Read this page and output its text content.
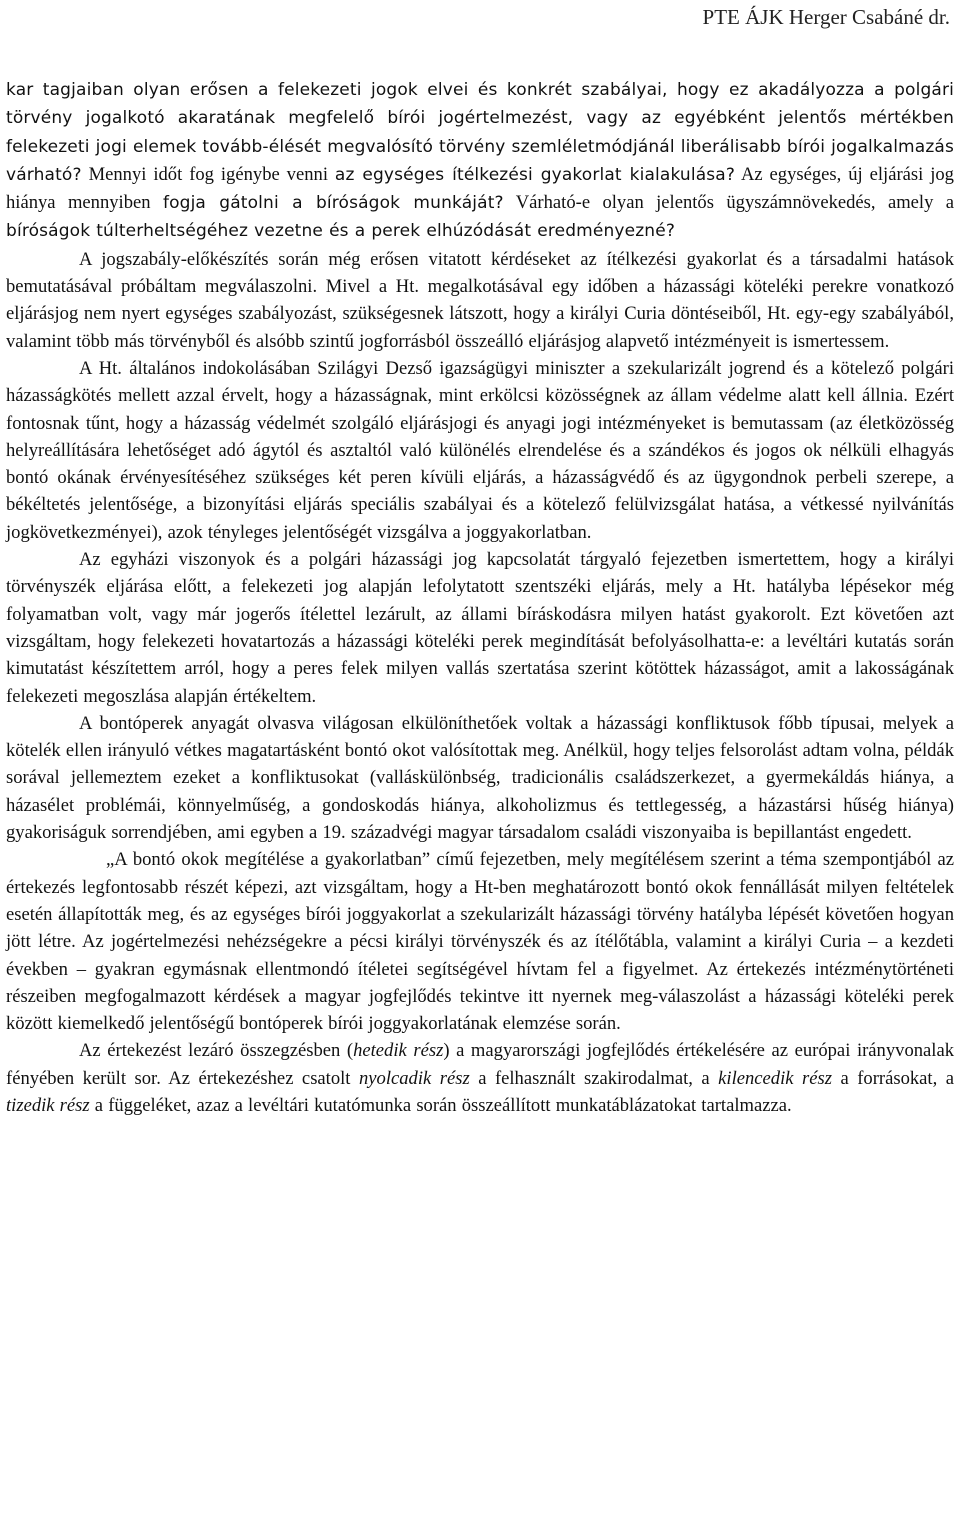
PTE ÁJK Herger Csabáné dr.

kar tagjaiban olyan erősen a felekezeti jogok elvei és konkrét szabályai, hogy ez akadályozza a polgári törvény jogalkotó akaratának megfelelő bírói jogértelmezést, vagy az egyébként jelentős mértékben felekezeti jogi elemek tovább-élését megvalósító törvény szemléletmódjánál liberálisabb bírói jogalkalmazás várható? Mennyi időt fog igénybe venni az egységes ítélkezési gyakorlat kialakulása? Az egységes, új eljárási jog hiánya mennyiben fogja gátolni a bíróságok munkáját? Várható-e olyan jelentős ügyszámnövekedés, amely a bíróságok túlterheltségéhez vezetne és a perek elhúzódását eredményezné?

A jogszabály-előkészítés során még erősen vitatott kérdéseket az ítélkezési gyakorlat és a társadalmi hatások bemutatásával próbáltam megválaszolni. Mivel a Ht. megalkotásával egy időben a házassági köteléki perekre vonatkozó eljárásjog nem nyert egységes szabályozást, szükségesnek látszott, hogy a királyi Curia döntéseiből, Ht. egy-egy szabályából, valamint több más törvényből és alsóbb szintű jogforrásból összeálló eljárásjog alapvető intézményeit is ismertessem.

A Ht. általános indokolásában Szilágyi Dezső igazságügyi miniszter a szekularizált jogrend és a kötelező polgári házasságkötés mellett azzal érvelt, hogy a házasságnak, mint erkölcsi közösségnek az állam védelme alatt kell állnia. Ezért fontosnak tűnt, hogy a házasság védelmét szolgáló eljárásjogi és anyagi jogi intézményeket is bemutassam (az életközösség helyreállítására lehetőséget adó ágytól és asztaltól való különélés elrendelése és a szándékos és jogos ok nélküli elhagyás bontó okának érvényesítéséhez szükséges két peren kívüli eljárás, a házasságvédő és az ügygondnok perbeli szerepe, a békéltetés jelentősége, a bizonyítási eljárás speciális szabályai és a kötelező felülvizsgálat hatása, a vétkessé nyilvánítás jogkövetkezményei), azok tényleges jelentőségét vizsgálva a joggyakorlatban.

Az egyházi viszonyok és a polgári házassági jog kapcsolatát tárgyaló fejezetben ismertettem, hogy a királyi törvényszék eljárása előtt, a felekezeti jog alapján lefolytatott szentszéki eljárás, mely a Ht. hatályba lépésekor még folyamatban volt, vagy már jogerős ítélettel lezárult, az állami bíráskodásra milyen hatást gyakorolt. Ezt követően azt vizsgáltam, hogy felekezeti hovatartozás a házassági köteléki perek megindítását befolyásolhatta-e: a levéltári kutatás során kimutatást készítettem arról, hogy a peres felek milyen vallás szertatása szerint kötöttek házasságot, amit a lakosságának felekezeti megoszlása alapján értékeltem.

A bontóperek anyagát olvasva világosan elkülöníthetőek voltak a házassági konfliktusok főbb típusai, melyek a kötelék ellen irányuló vétkes magatartásként bontó okot valósítottak meg. Anélkül, hogy teljes felsorolást adtam volna, példák sorával jellemeztem ezeket a konfliktusokat (valláskülönbség, tradicionális családszerkezet, a gyermekáldás hiánya, a házasélet problémái, könnyelműség, a gondoskodás hiánya, alkoholizmus és tettlegesség, a házastársi hűség hiánya) gyakoriságuk sorrendjében, ami egyben a 19. századvégi magyar társadalom családi viszonyaiba is bepillantást engedett.

„A bontó okok megítélése a gyakorlatban” című fejezetben, mely megítélésem szerint a téma szempontjából az értekezés legfontosabb részét képezi, azt vizsgáltam, hogy a Ht-ben meghatározott bontó okok fennállását milyen feltételek esetén állapították meg, és az egységes bírói joggyakorlat a szekularizált házassági törvény hatályba lépését követően hogyan jött létre. Az jogértelmezési nehézségekre a pécsi királyi törvényszék és az ítélőtábla, valamint a királyi Curia – a kezdeti években – gyakran egymásnak ellentmondó ítéletei segítségével hívtam fel a figyelmet. Az értekezés intézménytörténeti részeiben megfogalmazott kérdések a magyar jogfejlődés tekintve itt nyernek meg-válaszolást a házassági köteléki perek között kiemelkedő jelentőségű bontóperek bírói joggyakorlatának elemzése során.

Az értekezést lezáró összegzésben (hetedik rész) a magyarországi jogfejlődés értékelésére az európai irányvonalak fényében került sor. Az értekezéshez csatolt nyolcadik rész a felhasznált szakirodalmat, a kilencedik rész a forrásokat, a tizedik rész a függeléket, azaz a levéltári kutatómunka során összeállított munkatáblázatokat tartalmazza.
